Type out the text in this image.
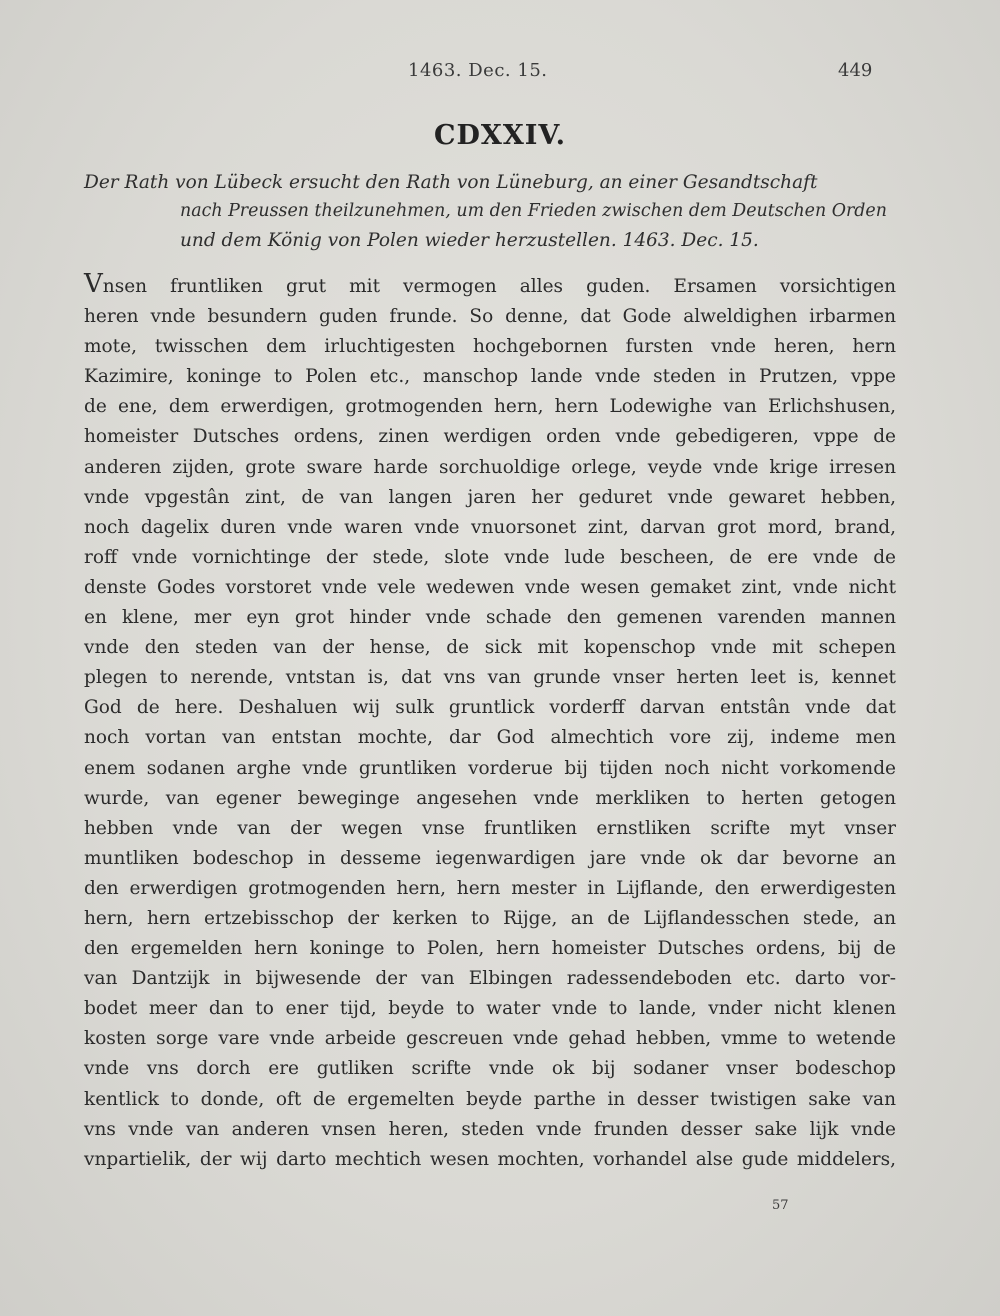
1463. Dec. 15.	449
CDXXIV.
Der Rath von Lübeck ersucht den Rath von Lüneburg, an einer Gesandtschaft
nach Preussen theilzunehmen, um den Frieden zwischen dem Deutschen Orden
und dem König von Polen wieder herzustellen. 1463. Dec. 15.
Vnsen fruntliken grut mit vermogen alles guden. Ersamen vorsichtigen
heren vnde besundern guden frunde. So denne, dat Gode alweldighen irbarmen
mote, twisschen dem irluchtigesten hochgebornen fursten vnde heren, hern
Kazimire, koninge to Polen etc., manschop lande vnde steden in Prutzen, vppe
de ene, dem erwerdigen, grotmogenden hern, hern Lodewighe van Erlichshusen,
homeister Dutsches ordens, zinen werdigen orden vnde gebedigeren, vppe de
anderen zijden, grote sware harde sorchuoldige orlege, veyde vnde krige irresen
vnde vpgestân zint, de van langen jaren her geduret vnde gewaret hebben,
noch dagelix duren vnde waren vnde vnuorsonet zint, darvan grot mord, brand,
roff vnde vornichtinge der stede, slote vnde lude bescheen, de ere vnde de
denste Godes vorstoret vnde vele wedewen vnde wesen gemaket zint, vnde nicht
en klene, mer eyn grot hinder vnde schade den gemenen varenden mannen
vnde den steden van der hense, de sick mit kopenschop vnde mit schepen
plegen to nerende, vntstan is, dat vns van grunde vnser herten leet is, kennet
God de here. Deshaluen wij sulk gruntlick vorderff darvan entstân vnde dat
noch vortan van entstan mochte, dar God almechtich vore zij, indeme men
enem sodanen arghe vnde gruntliken vorderue bij tijden noch nicht vorkomende
wurde, van egener beweginge angesehen vnde merkliken to herten getogen
hebben vnde van der wegen vnse fruntliken ernstliken scrifte myt vnser
muntliken bodeschop in desseme iegenwardigen jare vnde ok dar bevorne an
den erwerdigen grotmogenden hern, hern mester in Lijflande, den erwerdigesten
hern, hern ertzebisschop der kerken to Rijge, an de Lijflandesschen stede, an
den ergemelden hern koninge to Polen, hern homeister Dutsches ordens, bij de
van Dantzijk in bijwesende der van Elbingen radessendeboden etc. darto vor-
bodet meer dan to ener tijd, beyde to water vnde to lande, vnder nicht klenen
kosten sorge vare vnde arbeide gescreuen vnde gehad hebben, vmme to wetende
vnde vns dorch ere gutliken scrifte vnde ok bij sodaner vnser bodeschop
kentlick to donde, oft de ergemelten beyde parthe in desser twistigen sake van
vns vnde van anderen vnsen heren, steden vnde frunden desser sake lijk vnde
vnpartielik, der wij darto mechtich wesen mochten, vorhandel alse gude middelers,
57
